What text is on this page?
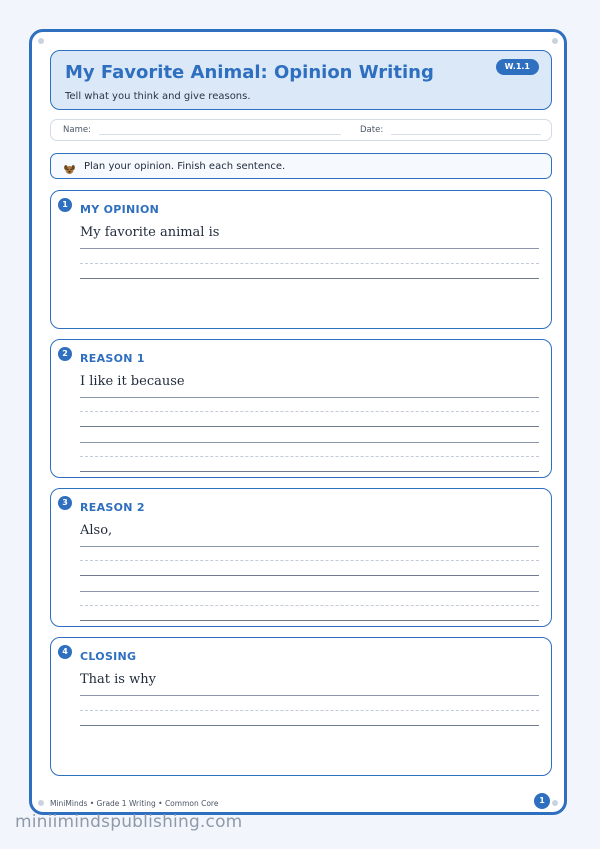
My Favorite Animal: Opinion Writing
Tell what you think and give reasons.
W.1.1
Name:	Date:
Plan your opinion. Finish each sentence.
1	MY OPINION
My favorite animal is
2	REASON 1
I like it because
3	REASON 2
Also,
4	CLOSING
That is why
MiniMinds • Grade 1 Writing • Common Core	1
miniimindspublishing.com
